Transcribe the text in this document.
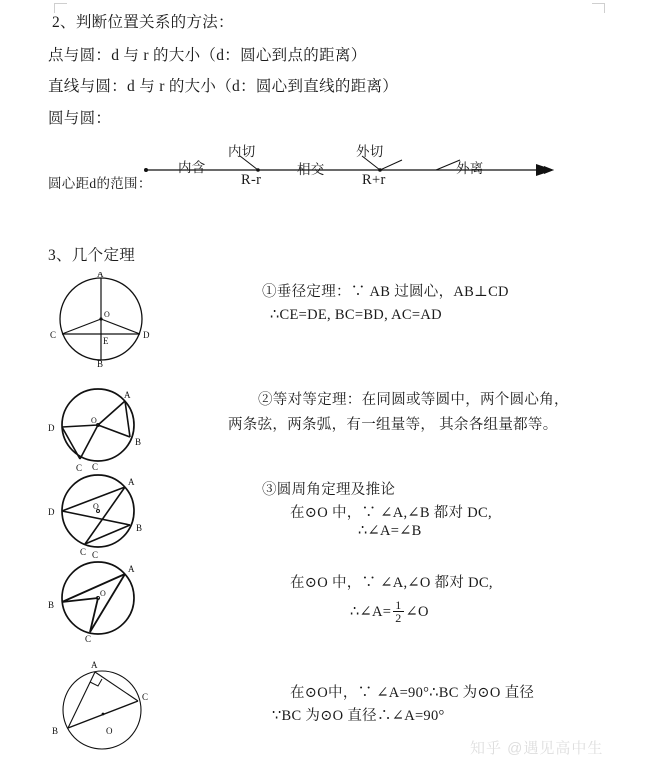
2、判断位置关系的方法：
点与圆：d 与 r 的大小（d：圆心到点的距离）
直线与圆：d 与 r 的大小（d：圆心到直线的距离）
圆与圆：
圆心距d的范围：
内切	外切
内含	相交	外离
R-r	R+r
3、几个定理
A
O
C
E
D
B
①垂径定理：∵ AB 过圆心，AB⊥CD
∴CE=DE, BC=BD, AC=AD
A
O
D
B
C
②等对等定理：在同圆或等圆中，两个圆心角，
两条弦，两条弧，有一组量等， 其余各组量都等。
C
A
D
O
B
C
③圆周角定理及推论
在⊙O 中，∵ ∠A,∠B 都对 DC,
∴∠A=∠B
C
A
B
O
C
在⊙O 中，∵ ∠A,∠O 都对 DC,
∴∠A= $\frac{1}{2}$ ∠O
A
C
B	O
在⊙O中，∵ ∠A=90°∴BC 为⊙O 直径
∵BC 为⊙O 直径∴∠A=90°
知乎 @遇见高中生
